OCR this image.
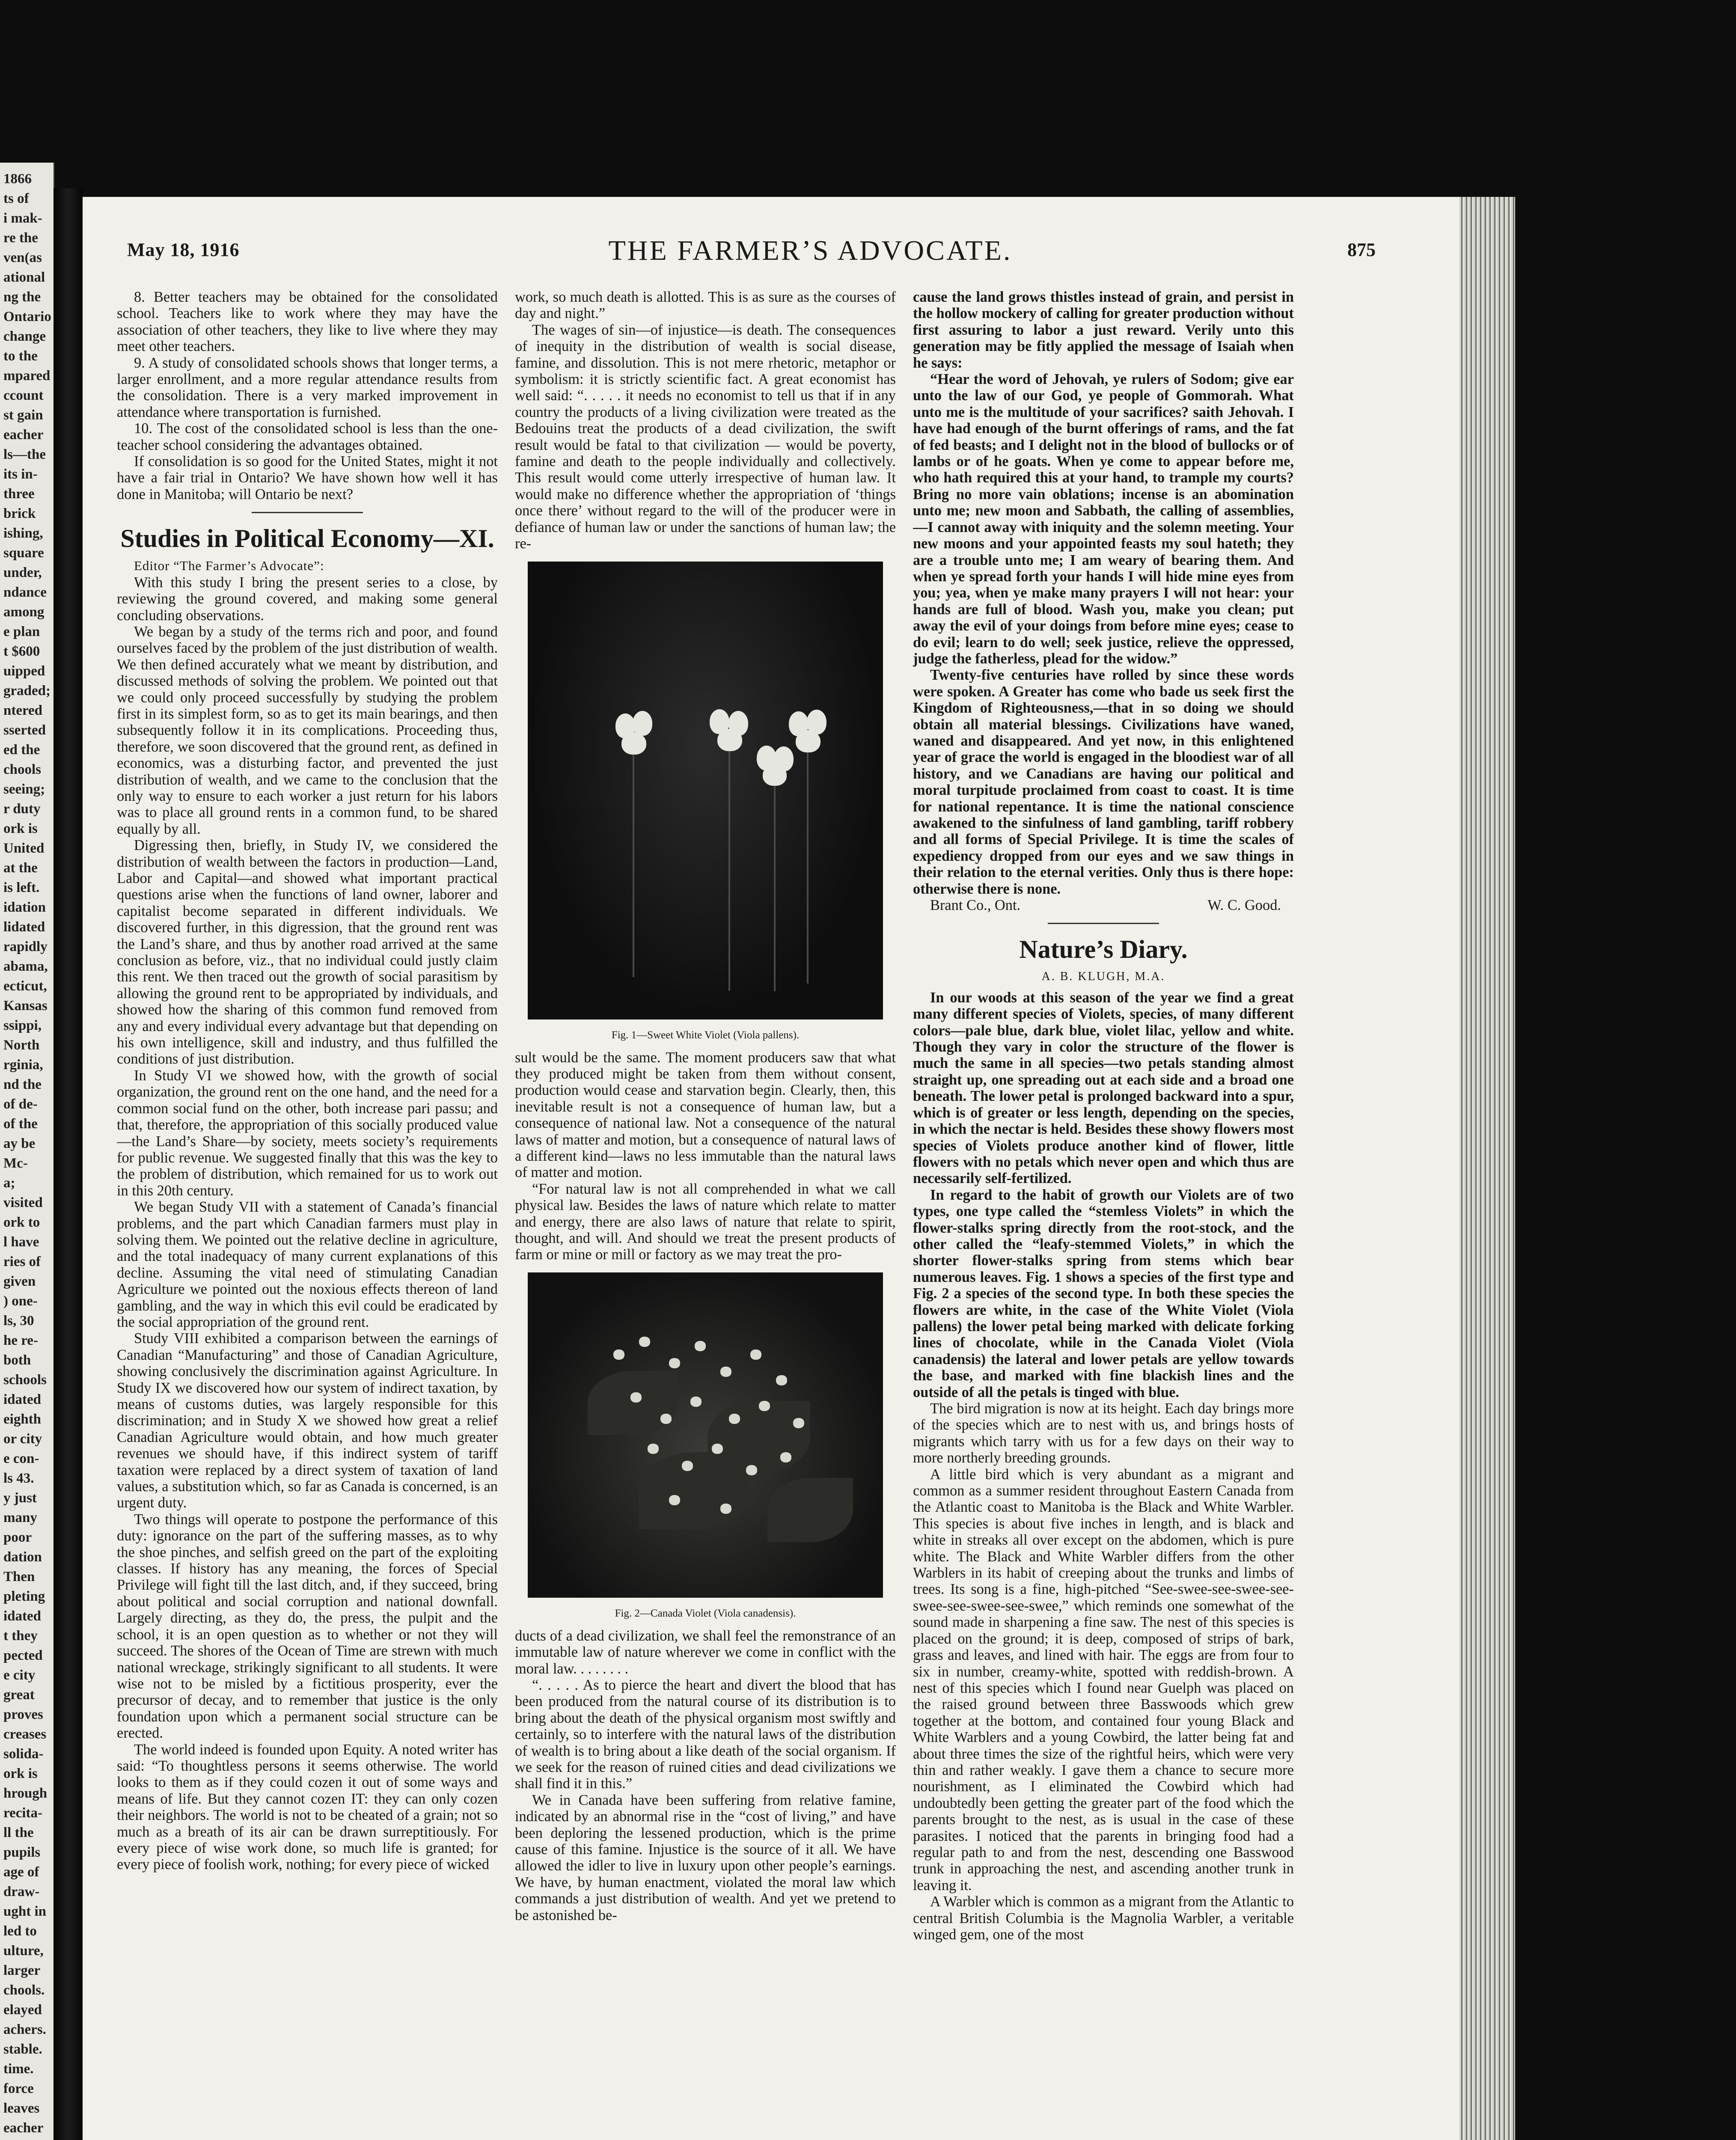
1866
ts of
i mak-
re the
ven(as
ational
ng the
Ontario
change
to the
mpared
ccount
st gain
eacher
ls—the
its in-
three
brick
ishing,
square
under,
ndance
among
e plan
t $600
uipped
graded;
ntered
sserted
ed the
chools
seeing;
r duty
ork is
United
at the
is left.
idation
lidated
rapidly
abama,
ecticut,
Kansas
ssippi,
North
rginia,
nd the
of de-
of the
ay be
Mc-
a;
visited
ork to
l have
ries of
given
) one-
ls, 30
he re-
both
schools
idated
eighth
or city
e con-
ls 43.
y just
many
poor
dation
Then
pleting
idated
t they
pected
e city
great
proves
creases
solida-
ork is
hrough
recita-
ll the
pupils
age of
draw-
ught in
led to
ulture,
larger
chools.
elayed
achers.
stable.
time.
force
leaves
eacher
May 18, 1916	THE FARMER’S ADVOCATE.	875

8. Better teachers may be obtained for the consolidated school. Teachers like to work where they may have the association of other teachers, they like to live where they may meet other teachers.

9. A study of consolidated schools shows that longer terms, a larger enrollment, and a more regular attendance results from the consolidation. There is a very marked improvement in attendance where transportation is furnished.

10. The cost of the consolidated school is less than the one-teacher school considering the advantages obtained.

If consolidation is so good for the United States, might it not have a fair trial in Ontario? We have shown how well it has done in Manitoba; will Ontario be next?

Studies in Political Economy—XI.

Editor “The Farmer’s Advocate”:

With this study I bring the present series to a close, by reviewing the ground covered, and making some general concluding observations.

We began by a study of the terms rich and poor, and found ourselves faced by the problem of the just distribution of wealth. We then defined accurately what we meant by distribution, and discussed methods of solving the problem. We pointed out that we could only proceed successfully by studying the problem first in its simplest form, so as to get its main bearings, and then subsequently follow it in its complications. Proceeding thus, therefore, we soon discovered that the ground rent, as defined in economics, was a disturbing factor, and prevented the just distribution of wealth, and we came to the conclusion that the only way to ensure to each worker a just return for his labors was to place all ground rents in a common fund, to be shared equally by all.

Digressing then, briefly, in Study IV, we considered the distribution of wealth between the factors in production—Land, Labor and Capital—and showed what important practical questions arise when the functions of land owner, laborer and capitalist become separated in different individuals. We discovered further, in this digression, that the ground rent was the Land’s share, and thus by another road arrived at the same conclusion as before, viz., that no individual could justly claim this rent. We then traced out the growth of social parasitism by allowing the ground rent to be appropriated by individuals, and showed how the sharing of this common fund removed from any and every individual every advantage but that depending on his own intelligence, skill and industry, and thus fulfilled the conditions of just distribution.

In Study VI we showed how, with the growth of social organization, the ground rent on the one hand, and the need for a common social fund on the other, both increase pari passu; and that, therefore, the appropriation of this socially produced value—the Land’s Share—by society, meets society’s requirements for public revenue. We suggested finally that this was the key to the problem of distribution, which remained for us to work out in this 20th century.

We began Study VII with a statement of Canada’s financial problems, and the part which Canadian farmers must play in solving them. We pointed out the relative decline in agriculture, and the total inadequacy of many current explanations of this decline. Assuming the vital need of stimulating Canadian Agriculture we pointed out the noxious effects thereon of land gambling, and the way in which this evil could be eradicated by the social appropriation of the ground rent.

Study VIII exhibited a comparison between the earnings of Canadian “Manufacturing” and those of Canadian Agriculture, showing conclusively the discrimination against Agriculture. In Study IX we discovered how our system of indirect taxation, by means of customs duties, was largely responsible for this discrimination; and in Study X we showed how great a relief Canadian Agriculture would obtain, and how much greater revenues we should have, if this indirect system of tariff taxation were replaced by a direct system of taxation of land values, a substitution which, so far as Canada is concerned, is an urgent duty.

Two things will operate to postpone the performance of this duty: ignorance on the part of the suffering masses, as to why the shoe pinches, and selfish greed on the part of the exploiting classes. If history has any meaning, the forces of Special Privilege will fight till the last ditch, and, if they succeed, bring about political and social corruption and national downfall. Largely directing, as they do, the press, the pulpit and the school, it is an open question as to whether or not they will succeed. The shores of the Ocean of Time are strewn with much national wreckage, strikingly significant to all students. It were wise not to be misled by a fictitious prosperity, ever the precursor of decay, and to remember that justice is the only foundation upon which a permanent social structure can be erected.

The world indeed is founded upon Equity. A noted writer has said: “To thoughtless persons it seems otherwise. The world looks to them as if they could cozen it out of some ways and means of life. But they cannot cozen IT: they can only cozen their neighbors. The world is not to be cheated of a grain; not so much as a breath of its air can be drawn surreptitiously. For every piece of wise work done, so much life is granted; for every piece of foolish work, nothing; for every piece of wicked

work, so much death is allotted. This is as sure as the courses of day and night.”

The wages of sin—of injustice—is death. The consequences of inequity in the distribution of wealth is social disease, famine, and dissolution. This is not mere rhetoric, metaphor or symbolism: it is strictly scientific fact. A great economist has well said: “. . . . . it needs no economist to tell us that if in any country the products of a living civilization were treated as the Bedouins treat the products of a dead civilization, the swift result would be fatal to that civilization — would be poverty, famine and death to the people individually and collectively. This result would come utterly irrespective of human law. It would make no difference whether the appropriation of ‘things once there’ without regard to the will of the producer were in defiance of human law or under the sanctions of human law; the re-

Fig. 1—Sweet White Violet (Viola pallens).

sult would be the same. The moment producers saw that what they produced might be taken from them without consent, production would cease and starvation begin. Clearly, then, this inevitable result is not a consequence of human law, but a consequence of national law. Not a consequence of the natural laws of matter and motion, but a consequence of natural laws of a different kind—laws no less immutable than the natural laws of matter and motion.

“For natural law is not all comprehended in what we call physical law. Besides the laws of nature which relate to matter and energy, there are also laws of nature that relate to spirit, thought, and will. And should we treat the present products of farm or mine or mill or factory as we may treat the pro-

Fig. 2—Canada Violet (Viola canadensis).

ducts of a dead civilization, we shall feel the remonstrance of an immutable law of nature wherever we come in conflict with the moral law. . . . . . . .

“. . . . . As to pierce the heart and divert the blood that has been produced from the natural course of its distribution is to bring about the death of the physical organism most swiftly and certainly, so to interfere with the natural laws of the distribution of wealth is to bring about a like death of the social organism. If we seek for the reason of ruined cities and dead civilizations we shall find it in this.”

We in Canada have been suffering from relative famine, indicated by an abnormal rise in the “cost of living,” and have been deploring the lessened production, which is the prime cause of this famine. Injustice is the source of it all. We have allowed the idler to live in luxury upon other people’s earnings. We have, by human enactment, violated the moral law which commands a just distribution of wealth. And yet we pretend to be astonished be-

cause the land grows thistles instead of grain, and persist in the hollow mockery of calling for greater production without first assuring to labor a just reward. Verily unto this generation may be fitly applied the message of Isaiah when he says:

“Hear the word of Jehovah, ye rulers of Sodom; give ear unto the law of our God, ye people of Gommorah. What unto me is the multitude of your sacrifices? saith Jehovah. I have had enough of the burnt offerings of rams, and the fat of fed beasts; and I delight not in the blood of bullocks or of lambs or of he goats. When ye come to appear before me, who hath required this at your hand, to trample my courts? Bring no more vain oblations; incense is an abomination unto me; new moon and Sabbath, the calling of assemblies,—I cannot away with iniquity and the solemn meeting. Your new moons and your appointed feasts my soul hateth; they are a trouble unto me; I am weary of bearing them. And when ye spread forth your hands I will hide mine eyes from you; yea, when ye make many prayers I will not hear: your hands are full of blood. Wash you, make you clean; put away the evil of your doings from before mine eyes; cease to do evil; learn to do well; seek justice, relieve the oppressed, judge the fatherless, plead for the widow.”

Twenty-five centuries have rolled by since these words were spoken. A Greater has come who bade us seek first the Kingdom of Righteousness,—that in so doing we should obtain all material blessings. Civilizations have waned, waned and disappeared. And yet now, in this enlightened year of grace the world is engaged in the bloodiest war of all history, and we Canadians are having our political and moral turpitude proclaimed from coast to coast. It is time for national repentance. It is time the national conscience awakened to the sinfulness of land gambling, tariff robbery and all forms of Special Privilege. It is time the scales of expediency dropped from our eyes and we saw things in their relation to the eternal verities. Only thus is there hope: otherwise there is none.

Brant Co., Ont.	W. C. Good.
Nature’s Diary.
A. B. KLUGH, M.A.

In our woods at this season of the year we find a great many different species of Violets, species, of many different colors—pale blue, dark blue, violet lilac, yellow and white. Though they vary in color the structure of the flower is much the same in all species—two petals standing almost straight up, one spreading out at each side and a broad one beneath. The lower petal is prolonged backward into a spur, which is of greater or less length, depending on the species, in which the nectar is held. Besides these showy flowers most species of Violets produce another kind of flower, little flowers with no petals which never open and which thus are necessarily self-fertilized.

In regard to the habit of growth our Violets are of two types, one type called the “stemless Violets” in which the flower-stalks spring directly from the root-stock, and the other called the “leafy-stemmed Violets,” in which the shorter flower-stalks spring from stems which bear numerous leaves. Fig. 1 shows a species of the first type and Fig. 2 a species of the second type. In both these species the flowers are white, in the case of the White Violet (Viola pallens) the lower petal being marked with delicate forking lines of chocolate, while in the Canada Violet (Viola canadensis) the lateral and lower petals are yellow towards the base, and marked with fine blackish lines and the outside of all the petals is tinged with blue.

The bird migration is now at its height. Each day brings more of the species which are to nest with us, and brings hosts of migrants which tarry with us for a few days on their way to more northerly breeding grounds.

A little bird which is very abundant as a migrant and common as a summer resident throughout Eastern Canada from the Atlantic coast to Manitoba is the Black and White Warbler. This species is about five inches in length, and is black and white in streaks all over except on the abdomen, which is pure white. The Black and White Warbler differs from the other Warblers in its habit of creeping about the trunks and limbs of trees. Its song is a fine, high-pitched “See-swee-see-swee-see-swee-see-swee-see-swee,” which reminds one somewhat of the sound made in sharpening a fine saw. The nest of this species is placed on the ground; it is deep, composed of strips of bark, grass and leaves, and lined with hair. The eggs are from four to six in number, creamy-white, spotted with reddish-brown. A nest of this species which I found near Guelph was placed on the raised ground between three Basswoods which grew together at the bottom, and contained four young Black and White Warblers and a young Cowbird, the latter being fat and about three times the size of the rightful heirs, which were very thin and rather weakly. I gave them a chance to secure more nourishment, as I eliminated the Cowbird which had undoubtedly been getting the greater part of the food which the parents brought to the nest, as is usual in the case of these parasites. I noticed that the parents in bringing food had a regular path to and from the nest, descending one Basswood trunk in approaching the nest, and ascending another trunk in leaving it.

A Warbler which is common as a migrant from the Atlantic to central British Columbia is the Magnolia Warbler, a veritable winged gem, one of the most
